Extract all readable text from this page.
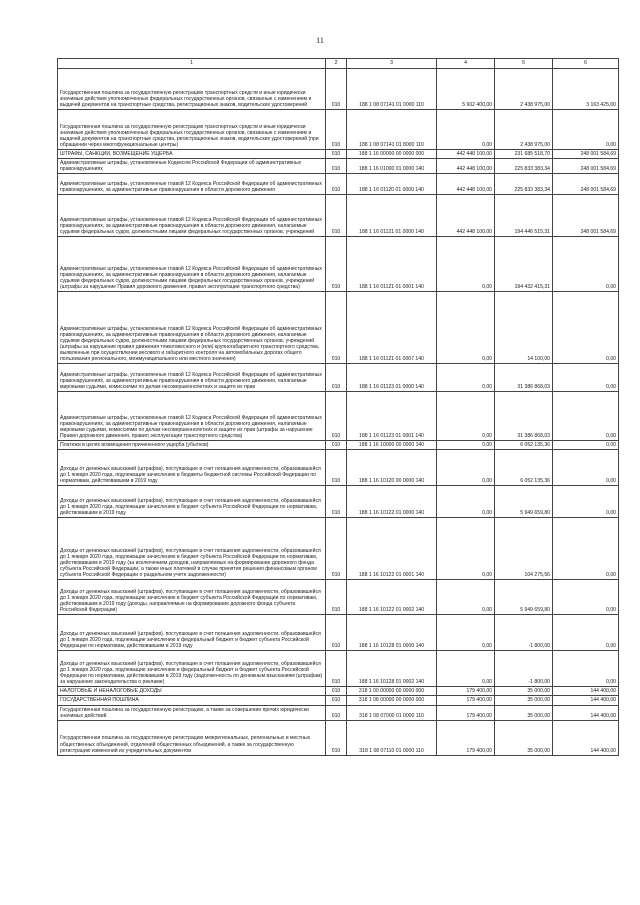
11
1	2	3	4	5	6
Государственная пошлина за государственную регистрацию транспортных средств и иные юридически значимые действия уполномоченных федеральных государственных органов, связанные с изменением и выдачей документов на транспортные средства, регистрационных знаков, водительских удостоверений	010	188 1 08 07141 01 0000 110	5 602 400,00	2 438 975,00	3 163 425,00
Государственная пошлина за государственную регистрацию транспортных средств и иные юридически значимые действия уполномоченных федеральных государственных органов, связанные с изменением и выдачей документов на транспортные средства, регистрационных знаков, водительских удостоверений (при обращении через многофункциональные центры)	010	188 1 08 07141 01 8000 110	0,00	2 438 975,00	0,00
ШТРАФЫ, САНКЦИИ, ВОЗМЕЩЕНИЕ УЩЕРБА	010	188 1 16 00000 00 0000 000	442 448 100,00	231 685 518,70	248 001 584,69
Административные штрафы, установленные Кодексом Российской Федерации об административных правонарушениях	010	188 1 16 01000 01 0000 140	442 448 100,00	225 833 383,34	248 001 584,69
Административные штрафы, установленные главой 12 Кодекса Российской Федерации об административных правонарушениях, за административные правонарушения в области дорожного движения	010	188 1 16 01120 01 0000 140	442 448 100,00	225 833 383,34	248 001 584,69
Административные штрафы, установленные главой 12 Кодекса Российской Федерации об административных правонарушениях, за административные правонарушения в области дорожного движения, налагаемые судьями федеральных судов, должностными лицами федеральных государственных органов, учреждений	010	188 1 16 01121 01 0000 140	442 448 100,00	194 446 515,31	248 001 584,69
Административные штрафы, установленные главой 12 Кодекса Российской Федерации об административных правонарушениях, за административные правонарушения в области дорожного движения, налагаемые судьями федеральных судов, должностными лицами федеральных государственных органов, учреждений (штрафы за нарушение Правил дорожного движения, правил эксплуатации транспортного средства)	010	188 1 16 01121 01 0001 140	0,00	194 432 415,31	0,00
Административные штрафы, установленные главой 12 Кодекса Российской Федерации об административных правонарушениях, за административные правонарушения в области дорожного движения, налагаемые судьями федеральных судов, должностными лицами федеральных государственных органов, учреждений (штрафы за нарушение правил движения тяжеловесного и (или) крупногабаритного транспортного средства, выявленные при осуществлении весового и габаритного контроля на автомобильных дорогах общего пользования регионального, межмуниципального или местного значения)	010	188 1 16 01121 01 0007 140	0,00	14 100,00	0,00
Административные штрафы, установленные главой 12 Кодекса Российской Федерации об административных правонарушениях, за административные правонарушения в области дорожного движения, налагаемые мировыми судьями, комиссиями по делам несовершеннолетних и защите их прав	010	188 1 16 01123 01 0000 140	0,00	31 386 868,03	0,00
Административные штрафы, установленные главой 12 Кодекса Российской Федерации об административных правонарушениях, за административные правонарушения в области дорожного движения, налагаемые мировыми судьями, комиссиями по делам несовершеннолетних и защите их прав (штрафы за нарушение Правил дорожного движения, правил эксплуатации транспортного средства)	010	188 1 16 01123 01 0001 140	0,00	31 386 868,03	0,00
Платежи в целях возмещения причиненного ущерба (убытков)	010	188 1 16 10000 00 0000 140	0,00	6 052 135,36	0,00
Доходы от денежных взысканий (штрафов), поступающие в счет погашения задолженности, образовавшейся до 1 января 2020 года, подлежащие зачислению в бюджеты бюджетной системы Российской Федерации по нормативам, действовавшим в 2019 году	010	188 1 16 10120 00 0000 140	0,00	6 052 135,36	0,00
Доходы от денежных взысканий (штрафов), поступающие в счет погашения задолженности, образовавшейся до 1 января 2020 года, подлежащие зачислению в бюджет субъекта Российской Федерации по нормативам, действовавшим в 2019 году	010	188 1 16 10122 01 0000 140	0,00	5 949 659,80	0,00
Доходы от денежных взысканий (штрафов), поступающие в счет погашения задолженности, образовавшейся до 1 января 2020 года, подлежащие зачислению в бюджет субъекта Российской Федерации по нормативам, действовавшим в 2019 году (за исключением доходов, направляемых на формирование дорожного фонда субъекта Российской Федерации, а также иных платежей в случае принятия решения финансовым органом субъекта Российской Федерации о раздельном учете задолженности)	010	188 1 16 10122 01 0001 140	0,00	104 275,56	0,00
Доходы от денежных взысканий (штрафов), поступающие в счет погашения задолженности, образовавшейся до 1 января 2020 года, подлежащие зачислению в бюджет субъекта Российской Федерации по нормативам, действовавшим в 2019 году (доходы, направляемые на формирование дорожного фонда субъекта Российской Федерации)	010	188 1 16 10122 01 0002 140	0,00	5 949 659,80	0,00
Доходы от денежных взысканий (штрафов), поступающие в счет погашения задолженности, образовавшейся до 1 января 2020 года, подлежащие зачислению в федеральный бюджет и бюджет субъекта Российской Федерации по нормативам, действовавшим в 2019 году	010	188 1 16 10128 01 0000 140	0,00	-1 800,00	0,00
Доходы от денежных взысканий (штрафов), поступающие в счет погашения задолженности, образовавшейся до 1 января 2020 года, подлежащие зачислению в федеральный бюджет и бюджет субъекта Российской Федерации по нормативам, действовавшим в 2019 году (задолженность по денежным взысканиям (штрафам) за нарушение законодательства о рекламе)	010	188 1 16 10128 01 0002 140	0,00	-1 800,00	0,00
НАЛОГОВЫЕ И НЕНАЛОГОВЫЕ ДОХОДЫ	010	318 1 00 00000 00 0000 000	179 400,00	35 000,00	144 400,00
ГОСУДАРСТВЕННАЯ ПОШЛИНА	010	318 1 08 00000 00 0000 000	179 400,00	35 000,00	144 400,00
Государственная пошлина за государственную регистрацию, а также за совершение прочих юридически значимых действий	010	318 1 08 07000 01 0000 110	179 400,00	35 000,00	144 400,00
Государственная пошлина за государственную регистрацию межрегиональных, региональных и местных общественных объединений, отделений общественных объединений, а также за государственную регистрацию изменений их учредительных документов	010	318 1 08 07110 01 0000 110	179 400,00	35 000,00	144 400,00
